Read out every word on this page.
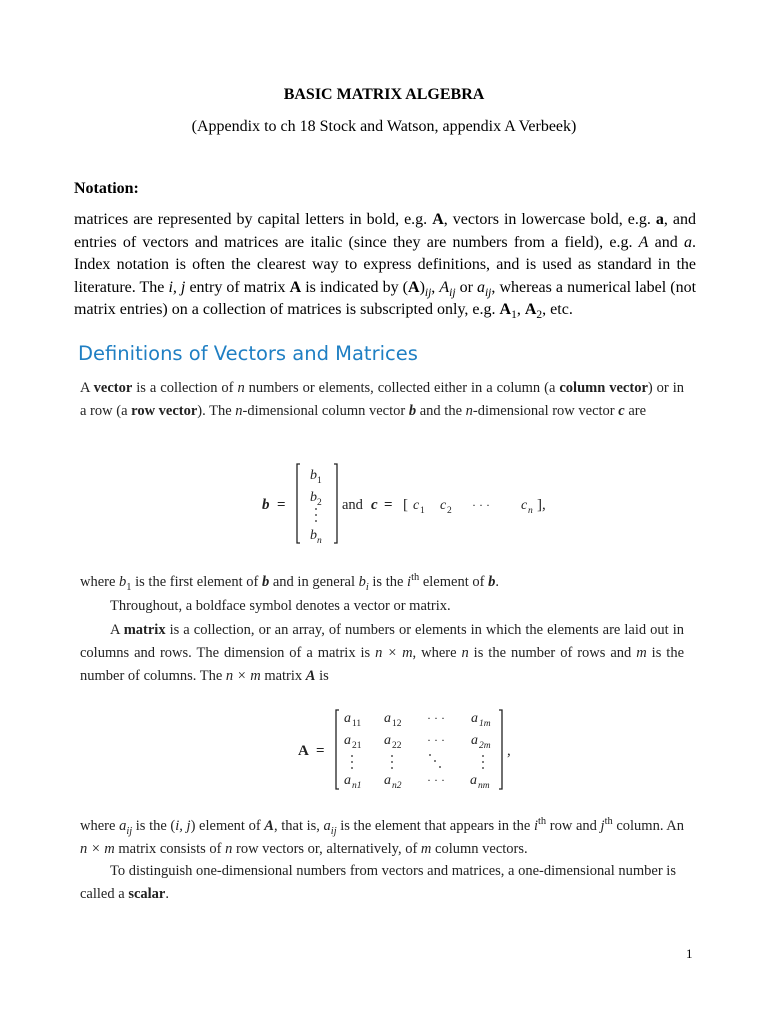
BASIC MATRIX ALGEBRA
(Appendix to ch 18 Stock and Watson, appendix A Verbeek)
Notation:
matrices are represented by capital letters in bold, e.g. A, vectors in lowercase bold, e.g. a, and entries of vectors and matrices are italic (since they are numbers from a field), e.g. A and a. Index notation is often the clearest way to express definitions, and is used as standard in the literature. The i, j entry of matrix A is indicated by $(A)_{ij}$, $A_{ij}$ or $a_{ij}$, whereas a numerical label (not matrix entries) on a collection of matrices is subscripted only, e.g. $A_1$, $A_2$, etc.
Definitions of Vectors and Matrices
A vector is a collection of n numbers or elements, collected either in a column (a column vector) or in a row (a row vector). The n-dimensional column vector b and the n-dimensional row vector c are
b =
b 1
b 2
b n
and c = [ c 1 c 2 · · · c n ],
where $b_1$ is the first element of b and in general $b_i$ is the $i^{th}$ element of b.
Throughout, a boldface symbol denotes a vector or matrix.
A matrix is a collection, or an array, of numbers or elements in which the elements are laid out in columns and rows. The dimension of a matrix is n × m, where n is the number of rows and m is the number of columns. The n × m matrix A is
A =
a 11 a 12 · · · a 1m
a 21 a 22 · · · a 2m
a n1 a n2 · · · a nm
,
where $a_{ij}$ is the (i, j) element of A, that is, $a_{ij}$ is the element that appears in the $i^{th}$ row and $j^{th}$ column. An n × m matrix consists of n row vectors or, alternatively, of m column vectors.
To distinguish one-dimensional numbers from vectors and matrices, a one-dimensional number is called a scalar.
1
